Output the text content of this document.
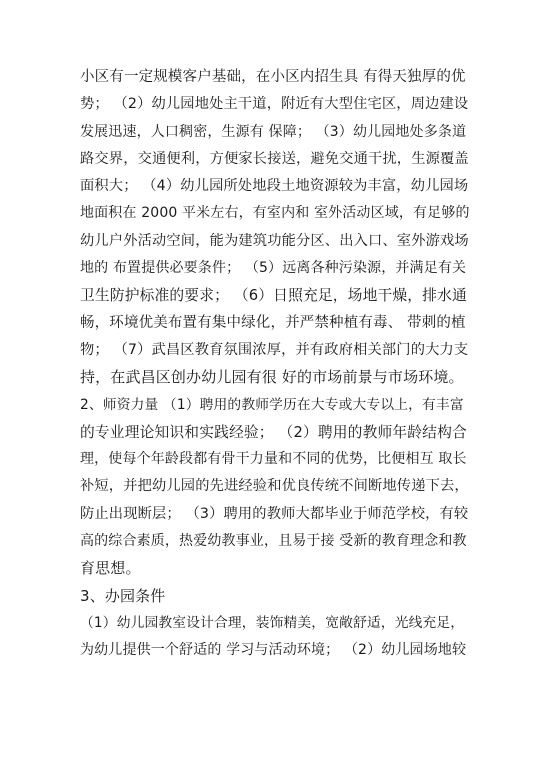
小区有一定规模客户基础，在小区内招生具 有得天独厚的优
势； （2）幼儿园地处主干道，附近有大型住宅区，周边建设
发展迅速，人口稠密，生源有 保障； （3）幼儿园地处多条道
路交界，交通便利，方便家长接送，避免交通干扰，生源覆盖
面积大； （4）幼儿园所处地段土地资源较为丰富，幼儿园场
地面积在 2000 平米左右，有室内和 室外活动区域，有足够的
幼儿户外活动空间，能为建筑功能分区、出入口、室外游戏场
地的 布置提供必要条件； （5）远离各种污染源，并满足有关
卫生防护标准的要求； （6）日照充足，场地干燥，排水通
畅，环境优美布置有集中绿化，并严禁种植有毒、 带刺的植
物； （7）武昌区教育氛围浓厚，并有政府相关部门的大力支
持，在武昌区创办幼儿园有很 好的市场前景与市场环境。
2、师资力量 （1）聘用的教师学历在大专或大专以上，有丰富
的专业理论知识和实践经验； （2）聘用的教师年龄结构合
理，使每个年龄段都有骨干力量和不同的优势，比便相互 取长
补短，并把幼儿园的先进经验和优良传统不间断地传递下去，
防止出现断层； （3）聘用的教师大都毕业于师范学校，有较
高的综合素质，热爱幼教事业，且易于接 受新的教育理念和教
育思想。
3、办园条件
（1）幼儿园教室设计合理，装饰精美，宽敞舒适，光线充足，
为幼儿提供一个舒适的 学习与活动环境； （2）幼儿园场地较
